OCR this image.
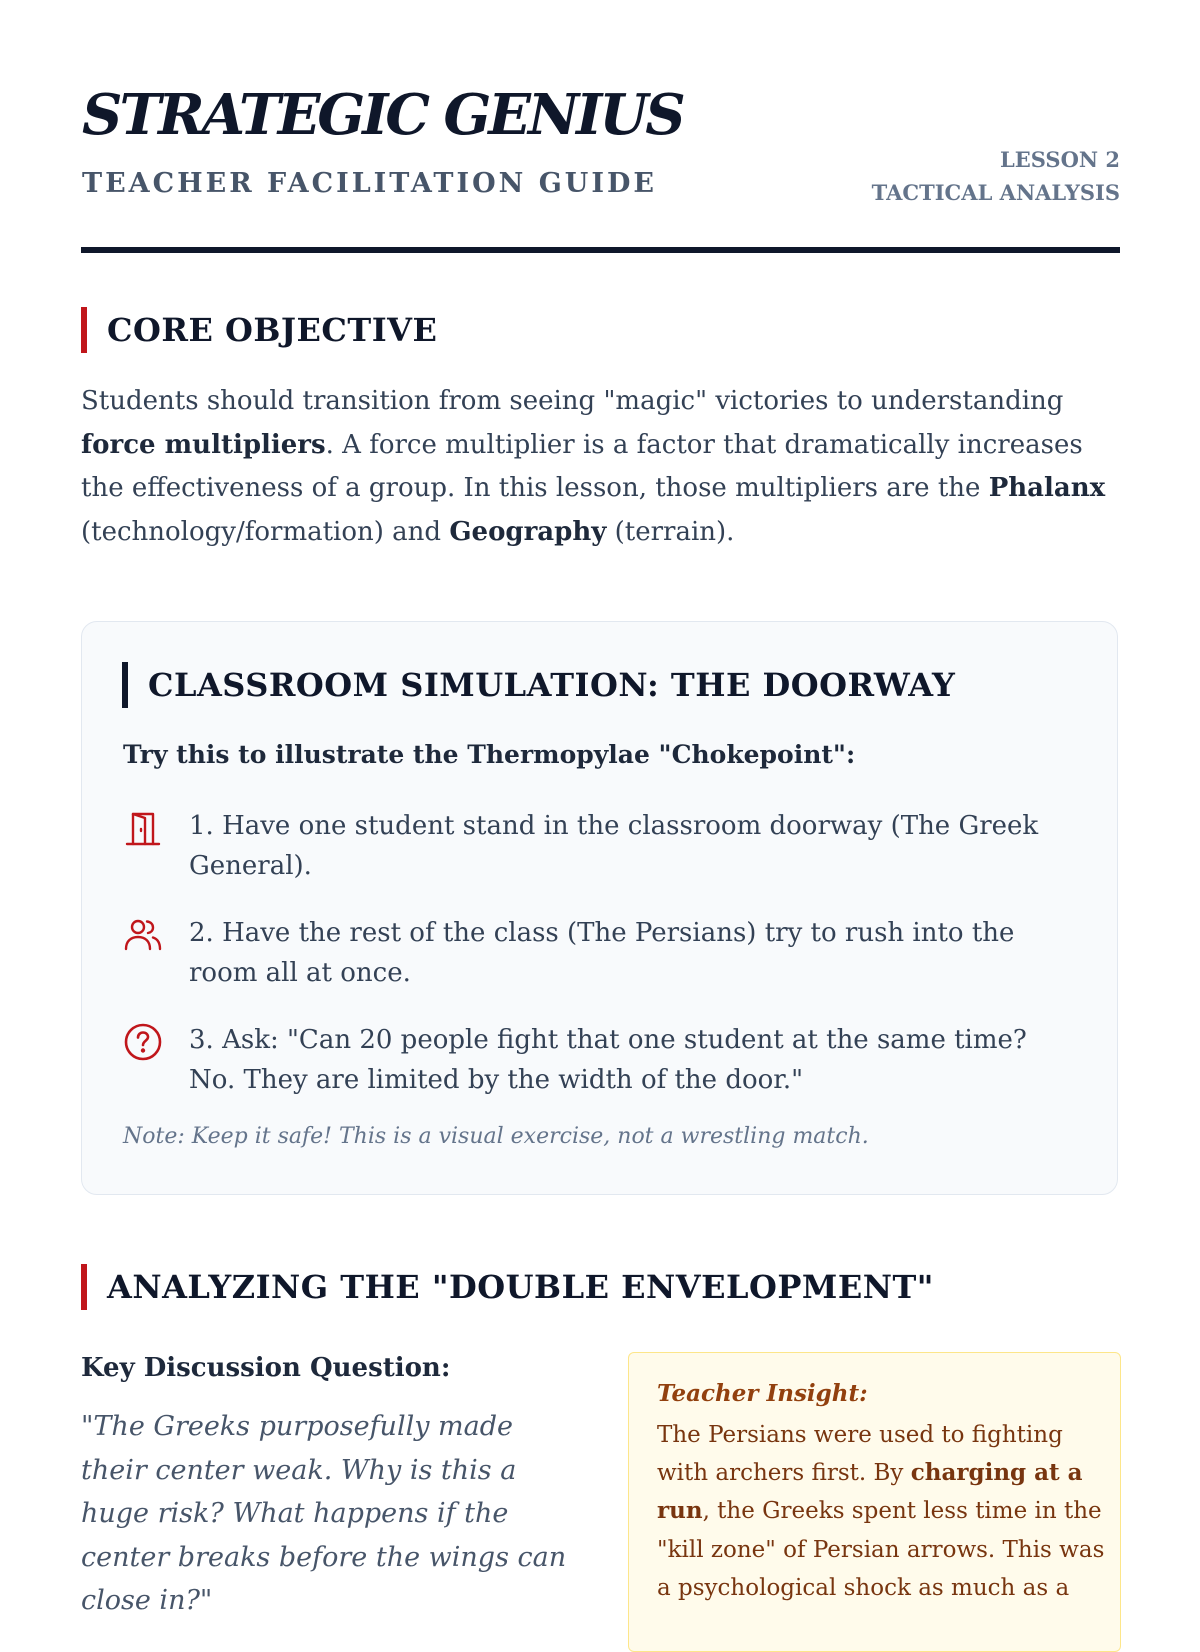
STRATEGIC GENIUS
TEACHER FACILITATION GUIDE
LESSON 2
TACTICAL ANALYSIS
CORE OBJECTIVE
Students should transition from seeing "magic" victories to understanding force multipliers. A force multiplier is a factor that dramatically increases the effectiveness of a group. In this lesson, those multipliers are the Phalanx (technology/formation) and Geography (terrain).
CLASSROOM SIMULATION: THE DOORWAY
Try this to illustrate the Thermopylae "Chokepoint":
1. Have one student stand in the classroom doorway (The Greek General).
2. Have the rest of the class (The Persians) try to rush into the room all at once.
3. Ask: "Can 20 people fight that one student at the same time? No. They are limited by the width of the door."
Note: Keep it safe! This is a visual exercise, not a wrestling match.
ANALYZING THE "DOUBLE ENVELOPMENT"
Key Discussion Question:
"The Greeks purposefully made their center weak. Why is this a huge risk? What happens if the center breaks before the wings can close in?"
Teacher Insight:
The Persians were used to fighting with archers first. By charging at a run, the Greeks spent less time in the "kill zone" of Persian arrows. This was a psychological shock as much as a
